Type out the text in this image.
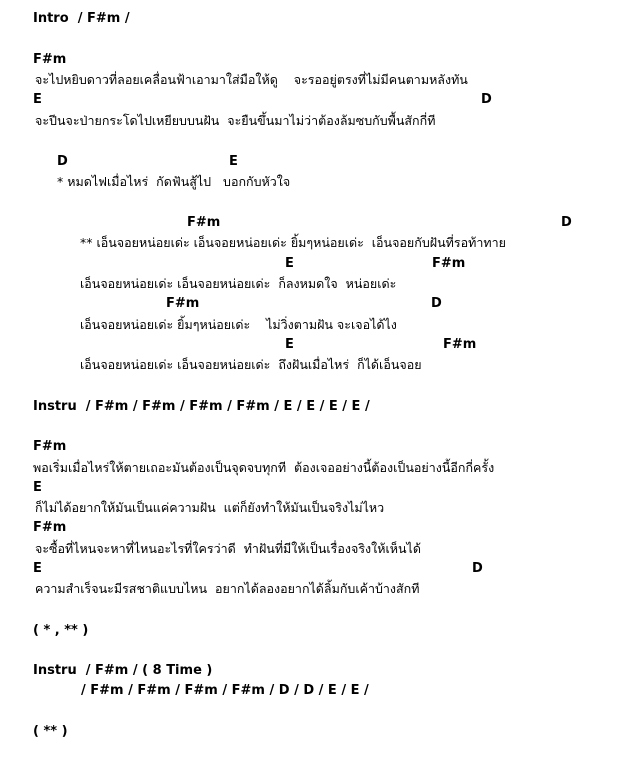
Intro  / F#m /
F#m
จะไปหยิบดาวที่ลอยเคลื่อนฟ้าเอามาใส่มือให้ดู    จะรออยู่ตรงที่ไม่มีคนตามหลังทัน
E	D
จะปีนจะป่ายกระโดไปเหยียบบนฝัน  จะยืนขึ้นมาไม่ว่าต้องล้มซบกับพื้นสักกี่ที
D	E
* หมดไฟเมื่อไหร่  กัดฟันสู้ไป   บอกกับหัวใจ
F#m	D
** เอ็นจอยหน่อยเด่ะ เอ็นจอยหน่อยเด่ะ ยิ้มๆหน่อยเด่ะ  เอ็นจอยกับฝันที่รอท้าทาย
E	F#m
เอ็นจอยหน่อยเด่ะ เอ็นจอยหน่อยเด่ะ  ก็ลงหมดใจ  หน่อยเด่ะ
F#m	D
เอ็นจอยหน่อยเด่ะ ยิ้มๆหน่อยเด่ะ    ไม่วิ่งตามฝัน จะเจอได้ไง
E	F#m
เอ็นจอยหน่อยเด่ะ เอ็นจอยหน่อยเด่ะ  ถึงฝันเมื่อไหร่  ก็ได้เอ็นจอย
Instru  / F#m / F#m / F#m / F#m / E / E / E / E /
F#m
พอเริ่มเมื่อไหร่ให้ตายเถอะมันต้องเป็นจุดจบทุกที  ต้องเจออย่างนี้ต้องเป็นอย่างนี้อีกกี่ครั้ง
E
ก็ไม่ได้อยากให้มันเป็นแค่ความฝัน  แต่ก็ยังทำให้มันเป็นจริงไม่ไหว
F#m
จะซื้อที่ไหนจะหาที่ไหนอะไรที่ใครว่าดี  ทำฝันที่มีให้เป็นเรื่องจริงให้เห็นได้
E	D
ความสำเร็จนะมีรสชาติแบบไหน  อยากได้ลองอยากได้ลิ้มกับเค้าบ้างสักที
( * , ** )
Instru  / F#m / ( 8 Time )
/ F#m / F#m / F#m / F#m / D / D / E / E /
( ** )
